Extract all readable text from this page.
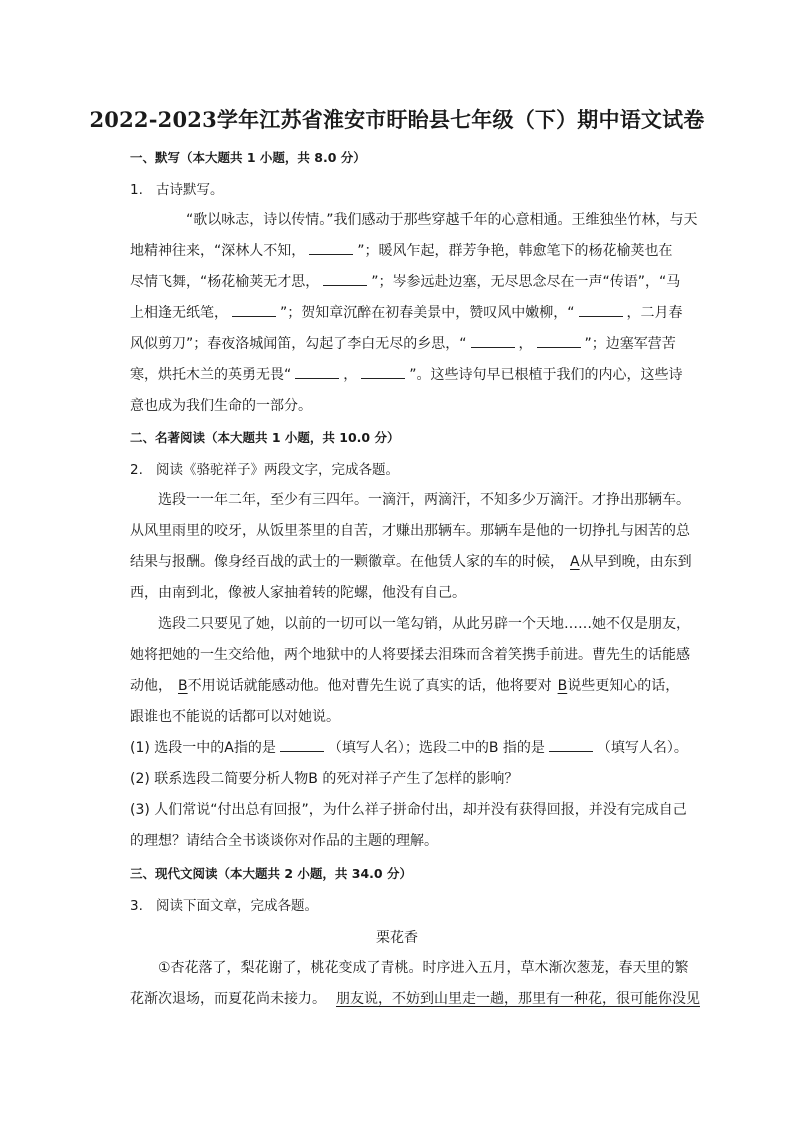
2022-2023学年江苏省淮安市盱眙县七年级（下）期中语文试卷
一、默写（本大题共 1 小题，共 8.0 分）
1. 古诗默写。
“歌以咏志，诗以传情。”我们感动于那些穿越千年的心意相通。王维独坐竹林，与天
地精神往来，“深林人不知，	”；暖风乍起，群芳争艳，韩愈笔下的杨花榆荚也在
尽情飞舞，“杨花榆荚无才思，	”；岑参远赴边塞，无尽思念尽在一声“传语”，“马
上相逢无纸笔，	”；贺知章沉醉在初春美景中，赞叹风中嫩柳，“	，二月春
风似剪刀”；春夜洛城闻笛，勾起了李白无尽的乡思，“	，	”；边塞军营苦
寒，烘托木兰的英勇无畏“	，	”。这些诗句早已根植于我们的内心，这些诗
意也成为我们生命的一部分。
二、名著阅读（本大题共 1 小题，共 10.0 分）
2. 阅读《骆驼祥子》两段文字，完成各题。
选段一一年二年，至少有三四年。一滴汗，两滴汗，不知多少万滴汗。才挣出那辆车。
从风里雨里的咬牙，从饭里茶里的自苦，才赚出那辆车。那辆车是他的一切挣扎与困苦的总
结果与报酬。像身经百战的武士的一颗徽章。在他赁人家的车的时候， A从早到晚，由东到
西，由南到北，像被人家抽着转的陀螺，他没有自己。
选段二只要见了她，以前的一切可以一笔勾销，从此另辟一个天地……她不仅是朋友，
她将把她的一生交给他，两个地狱中的人将要揉去泪珠而含着笑携手前进。曹先生的话能感
动他， B不用说话就能感动他。他对曹先生说了真实的话，他将要对 B说些更知心的话，
跟谁也不能说的话都可以对她说。
(1) 选段一中的A指的是	（填写人名）；选段二中的B 指的是	（填写人名）。
(2) 联系选段二简要分析人物B 的死对祥子产生了怎样的影响？
(3) 人们常说“付出总有回报”，为什么祥子拼命付出，却并没有获得回报，并没有完成自己
的理想？请结合全书谈谈你对作品的主题的理解。
三、现代文阅读（本大题共 2 小题，共 34.0 分）
3. 阅读下面文章，完成各题。
栗花香
①杏花落了，梨花谢了，桃花变成了青桃。时序进入五月，草木渐次葱茏，春天里的繁
花渐次退场，而夏花尚未接力。 朋友说，不妨到山里走一趟，那里有一种花，很可能你没见
